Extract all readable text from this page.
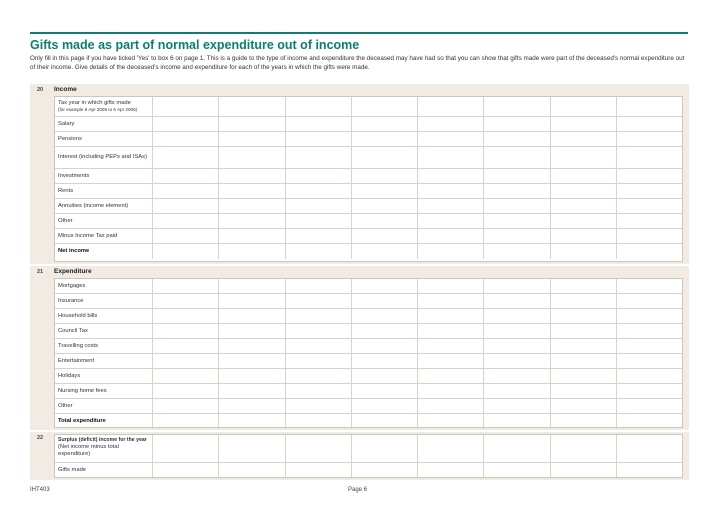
Gifts made as part of normal expenditure out of income
Only fill in this page if you have ticked 'Yes' to box 6 on page 1. This is a guide to the type of income and expenditure the deceased may have had so that you can show that gifts made were part of the deceased's normal expenditure out of their income. Give details of the deceased's income and expenditure for each of the years in which the gifts were made.
20 Income
Tax year in which gifts made
(for example 6 Apr 2005 to 5 Apr 2006)
Salary
Pensions
Interest (including PEPs and ISAs)
Investments
Rents
Annuities (income element)
Other
Minus Income Tax paid
Net income
21 Expenditure
Mortgages
Insurance
Household bills
Council Tax
Travelling costs
Entertainment
Holidays
Nursing home fees
Other
Total expenditure
22	Surplus (deficit) income for the year
(Net income minus total expenditure)
Gifts made
IHT403	Page 6
